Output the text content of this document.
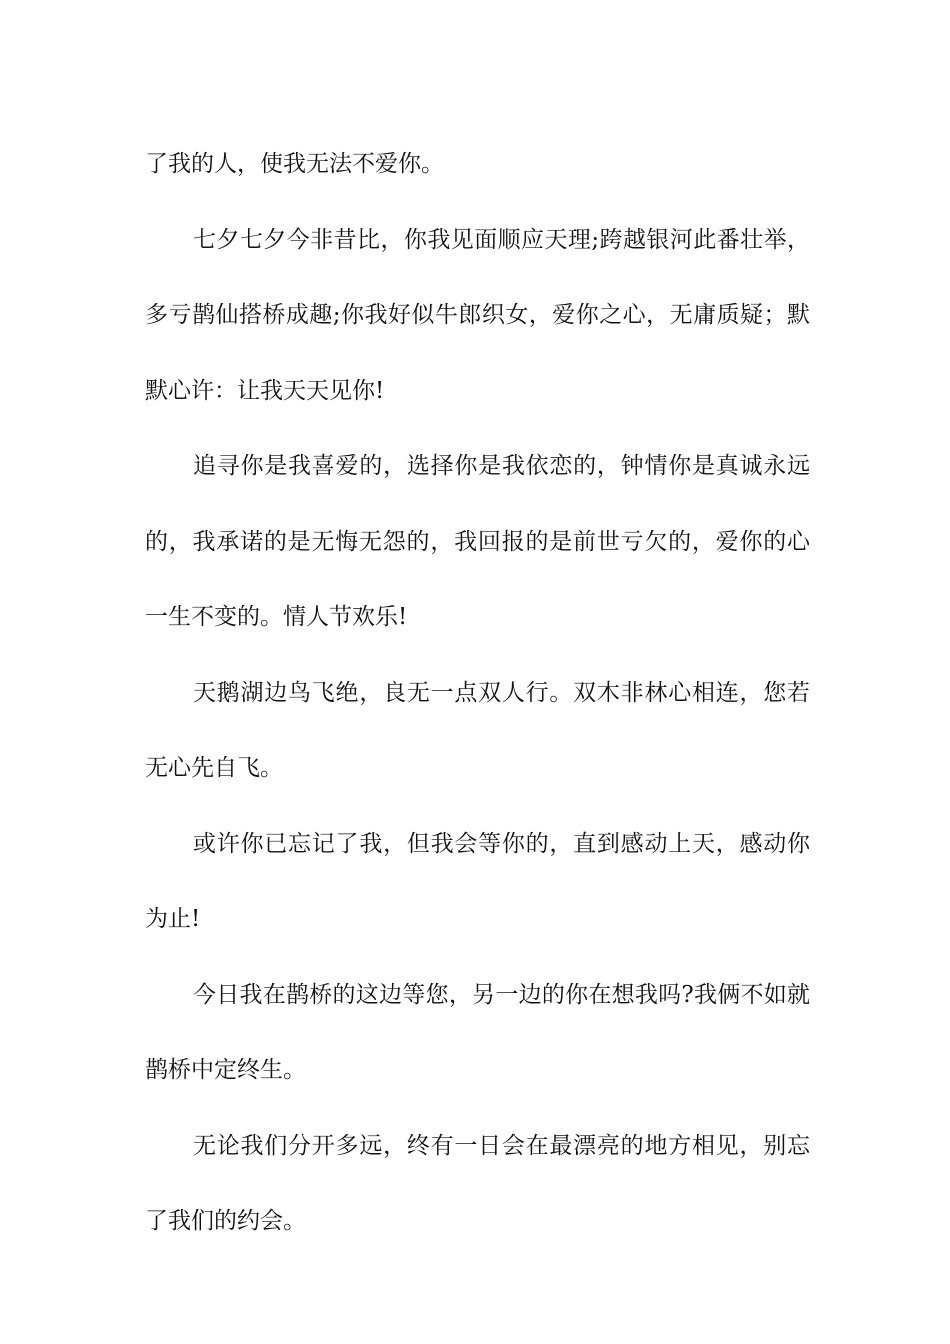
了我的人，使我无法不爱你。

七夕七夕今非昔比，你我见面顺应天理;跨越银河此番壮举，多亏鹊仙搭桥成趣;你我好似牛郎织女，爱你之心，无庸质疑；默默心许：让我天天见你!

追寻你是我喜爱的，选择你是我依恋的，钟情你是真诚永远的，我承诺的是无悔无怨的，我回报的是前世亏欠的，爱你的心一生不变的。情人节欢乐!

天鹅湖边鸟飞绝，良无一点双人行。双木非林心相连，您若无心先自飞。

或许你已忘记了我，但我会等你的，直到感动上天，感动你为止!

今日我在鹊桥的这边等您，另一边的你在想我吗?我俩不如就鹊桥中定终生。

无论我们分开多远，终有一日会在最漂亮的地方相见，别忘了我们的约会。
